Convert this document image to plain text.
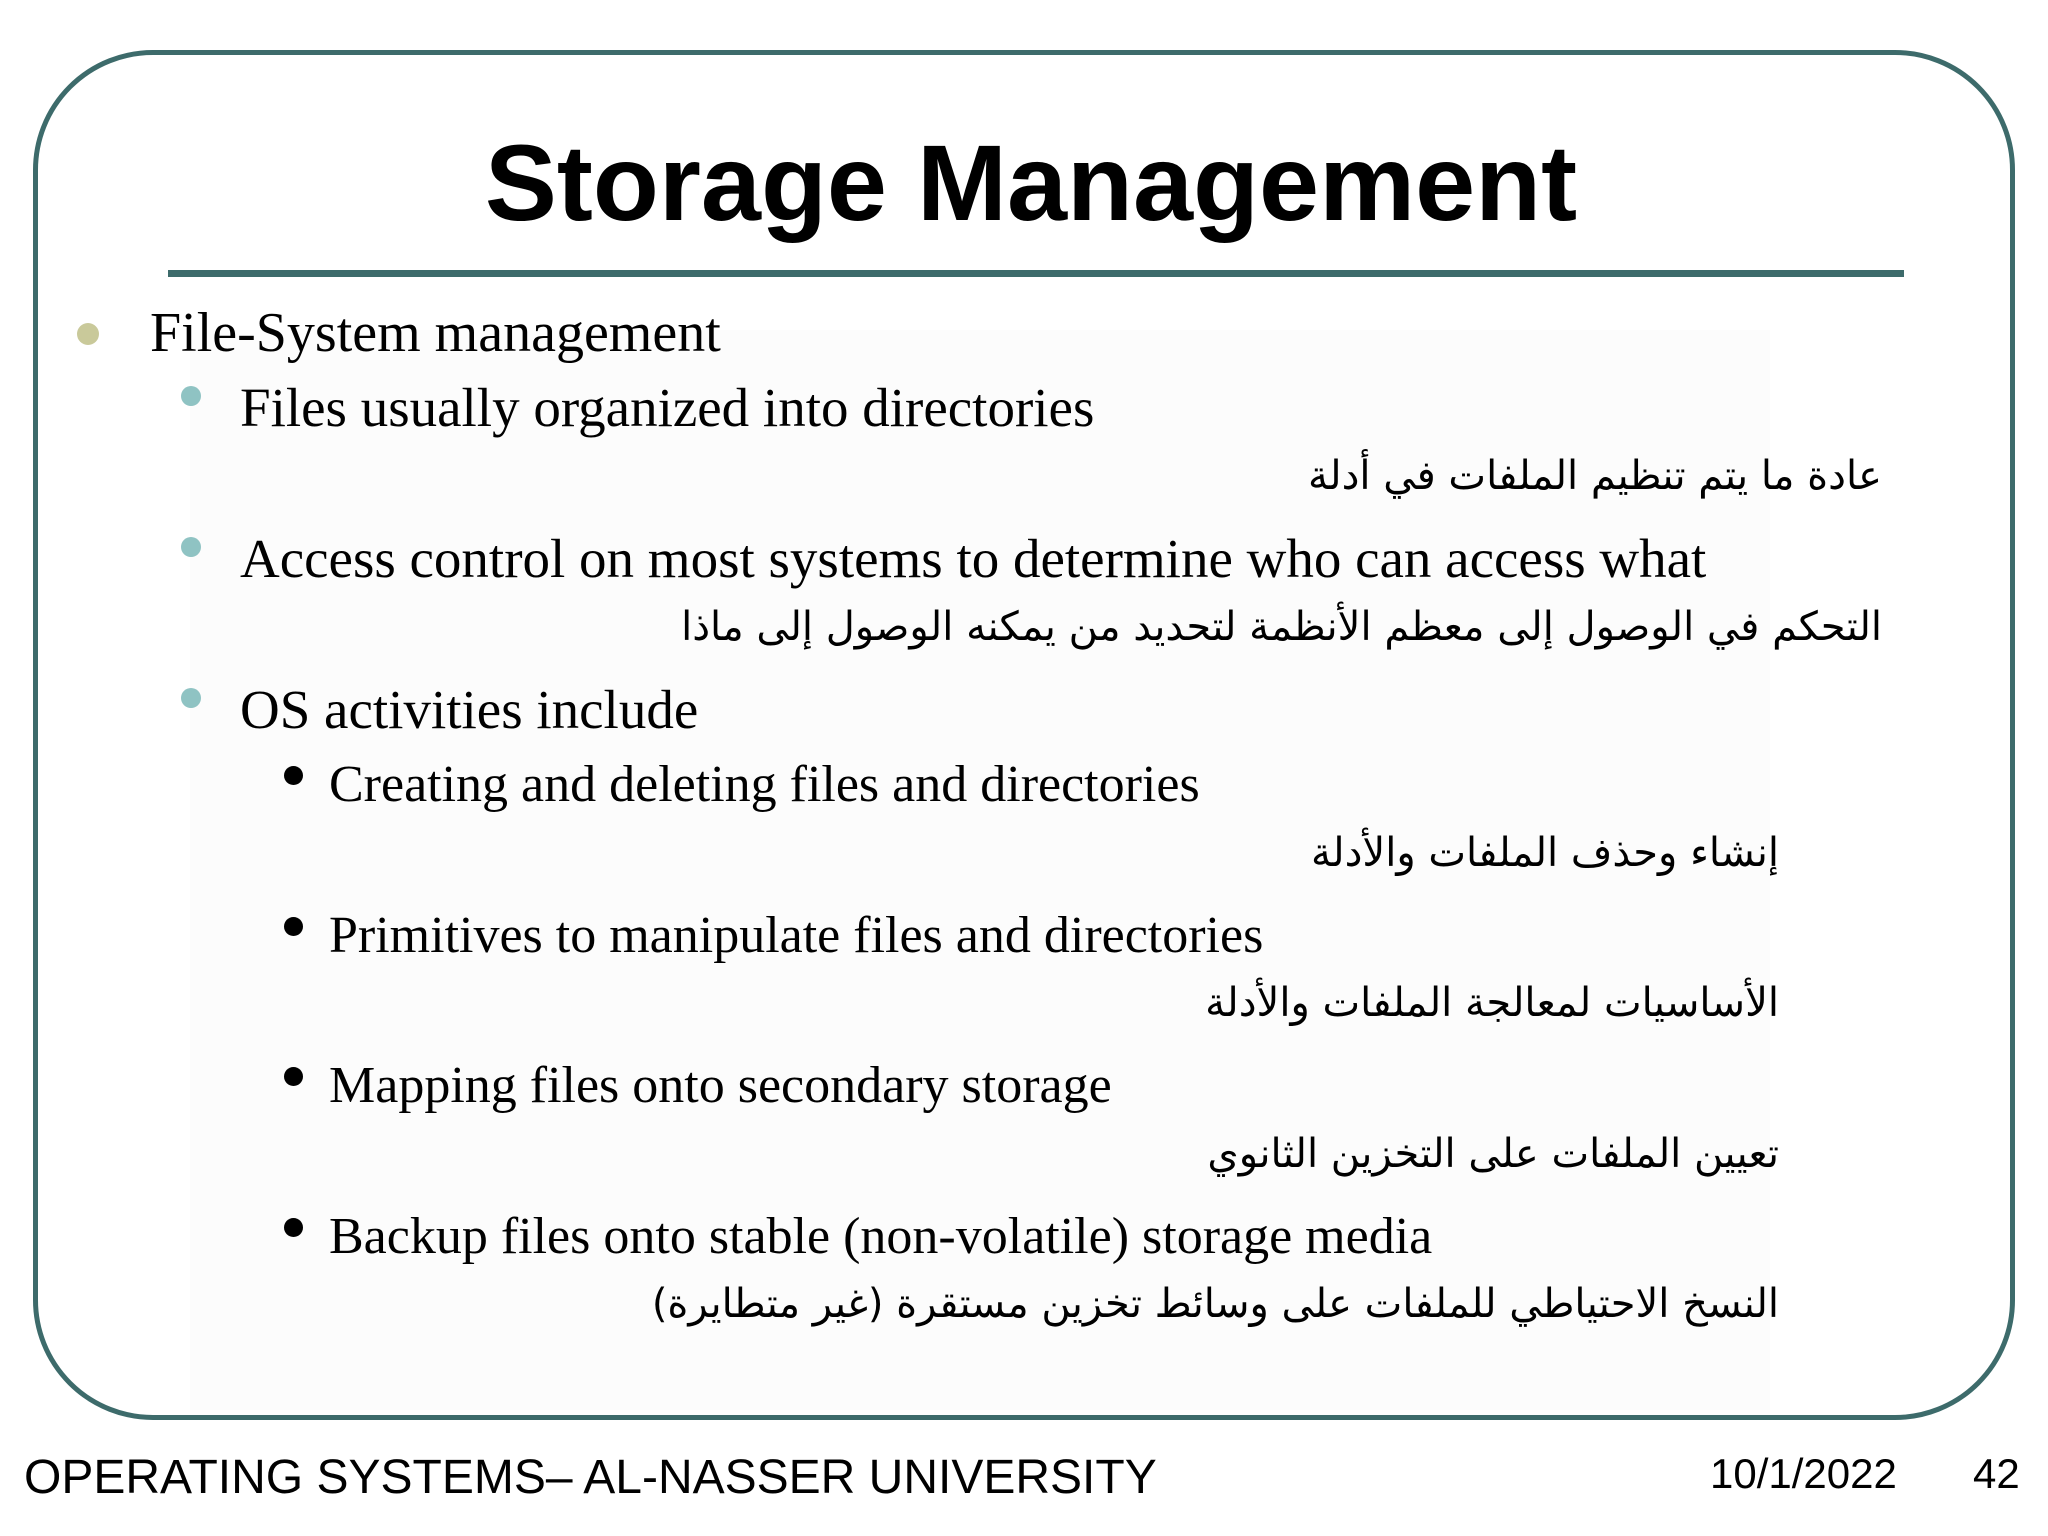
Storage Management
File-System management
Files usually organized into directories
عادة ما يتم تنظيم الملفات في أدلة
Access control on most systems to determine who can access what
التحكم في الوصول إلى معظم الأنظمة لتحديد من يمكنه الوصول إلى ماذا
OS activities include
Creating and deleting files and directories
إنشاء وحذف الملفات والأدلة
Primitives to manipulate files and directories
الأساسيات لمعالجة الملفات والأدلة
Mapping files onto secondary storage
تعيين الملفات على التخزين الثانوي
Backup files onto stable (non-volatile) storage media
النسخ الاحتياطي للملفات على وسائط تخزين مستقرة (غير متطايرة)
OPERATING SYSTEMS– AL-NASSER UNIVERSITY	10/1/2022 42
